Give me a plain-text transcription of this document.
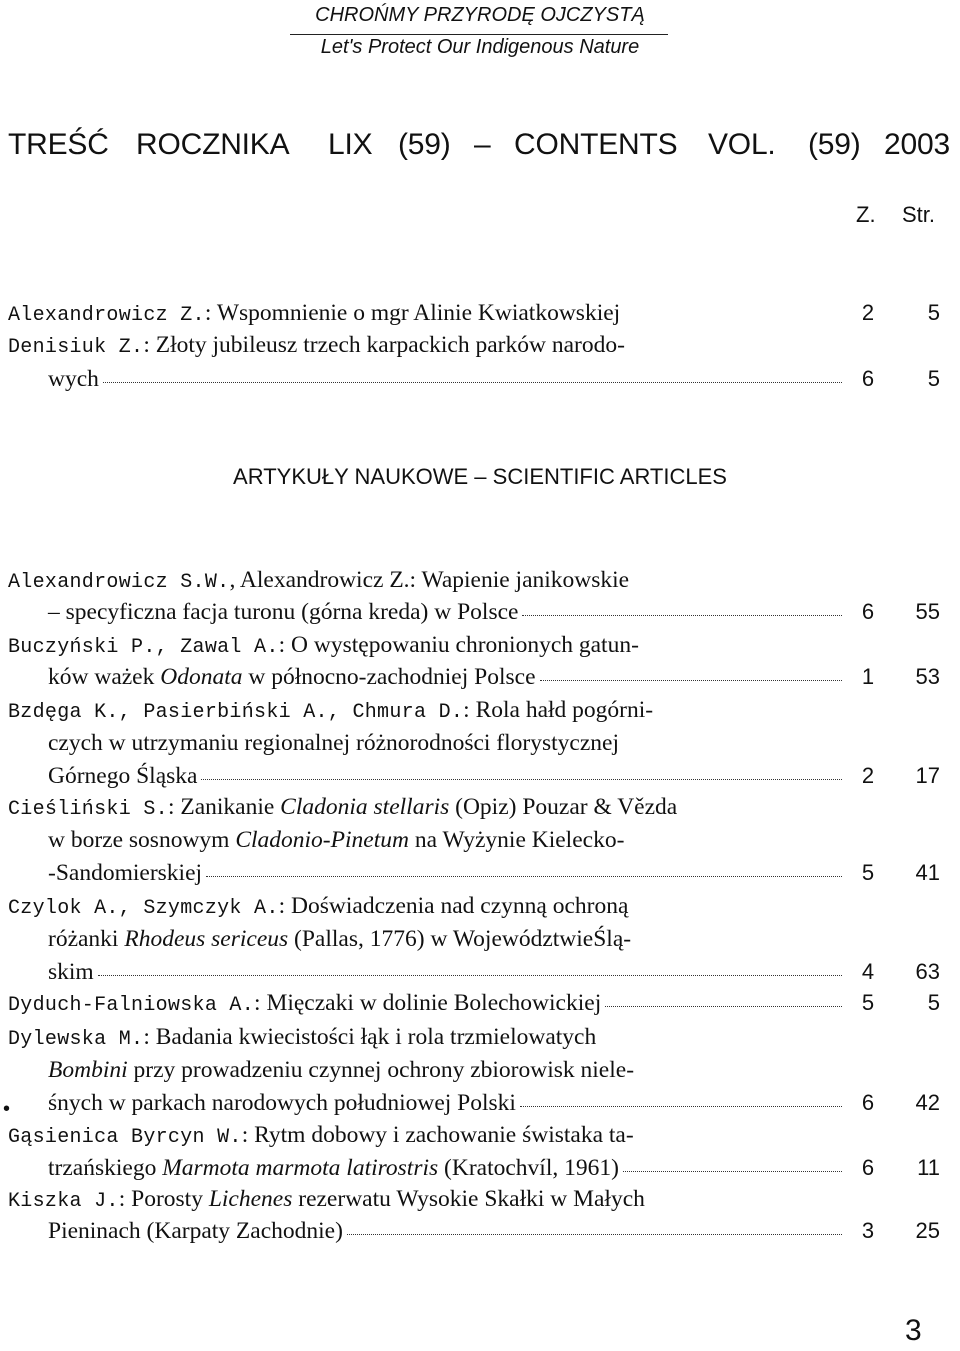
CHROŃMY PRZYRODĘ OJCZYSTĄ
Let's Protect Our Indigenous Nature
TREŚĆ ROCZNIKA LIX (59) – CONTENTS VOL. (59) 2003
Z. Str.
Alexandrowicz Z.: Wspomnienie o mgr Alinie Kwiatkowskiej	2	5
Denisiuk Z.: Złoty jubileusz trzech karpackich parków narodo-
wych	6	5
ARTYKUŁY NAUKOWE – SCIENTIFIC ARTICLES
Alexandrowicz S.W., Alexandrowicz Z.: Wapienie janikowskie
– specyficzna facja turonu (górna kreda) w Polsce	6	55
Buczyński P., Zawal A.: O występowaniu chronionych gatun-
ków ważek Odonata w północno-zachodniej Polsce	1	53
Bzdęga K., Pasierbiński A., Chmura D.: Rola hałd pogórni-
czych w utrzymaniu regionalnej różnorodności florystycznej
Górnego Śląska	2	17
Cieśliński S.: Zanikanie Cladonia stellaris (Opiz) Pouzar & Vězda
w borze sosnowym Cladonio-Pinetum na Wyżynie Kielecko-
-Sandomierskiej	5	41
Czylok A., Szymczyk A.: Doświadczenia nad czynną ochroną
różanki Rhodeus sericeus (Pallas, 1776) w WojewództwieŚlą-
skim	4	63
Dyduch-Falniowska A.: Mięczaki w dolinie Bolechowickiej	5	5
Dylewska M.: Badania kwiecistości łąk i rola trzmielowatych
Bombini przy prowadzeniu czynnej ochrony zbiorowisk niele-
śnych w parkach narodowych południowej Polski	6	42
•
Gąsienica Byrcyn W.: Rytm dobowy i zachowanie świstaka ta-
trzańskiego Marmota marmota latirostris (Kratochvíl, 1961)	6	11
Kiszka J.: Porosty Lichenes rezerwatu Wysokie Skałki w Małych
Pieninach (Karpaty Zachodnie)	3	25
3
